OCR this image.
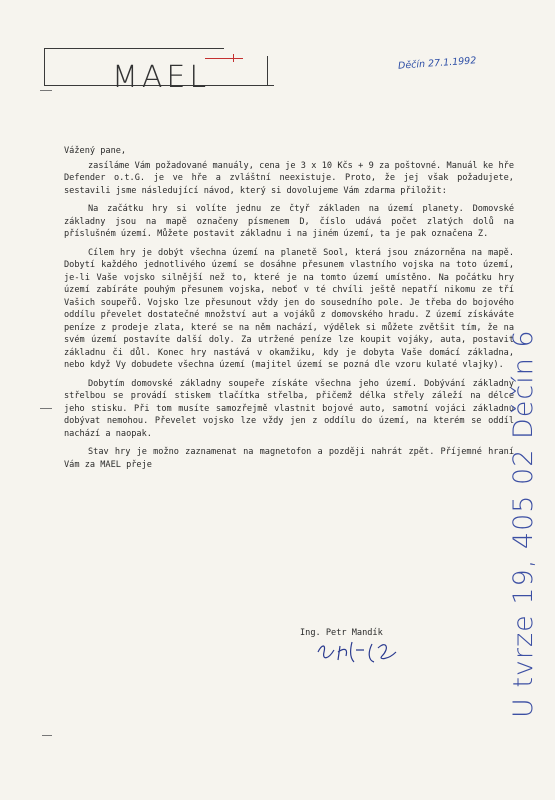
MAEL	Děčín 27.1.1992

Vážený pane,

zasíláme Vám požadované manuály, cena je 3 x 10 Kčs + 9 za poštovné. Manuál ke hře Defender o.t.G. je ve hře a zvláštní neexistuje. Proto, že jej však požadujete, sestavili jsme následující návod, který si dovolujeme Vám zdarma přiložit:

Na začátku hry si volíte jednu ze čtyř základen na území planety. Domovské základny jsou na mapě označeny písmenem D, číslo udává počet zlatých dolů na příslušném území. Můžete postavit základnu i na jiném území, ta je pak označena Z.

Cílem hry je dobýt všechna území na planetě Sool, která jsou znázorněna na mapě. Dobytí každého jednotlivého území se dosáhne přesunem vlastního vojska na toto území, je-li Vaše vojsko silnější než to, které je na tomto území umístěno. Na počátku hry území zabíráte pouhým přesunem vojska, neboť v té chvíli ještě nepatří nikomu ze tří Vašich soupeřů. Vojsko lze přesunout vždy jen do sousedního pole. Je třeba do bojového oddílu převelet dostatečné množství aut a vojáků z domovského hradu. Z území získáváte peníze z prodeje zlata, které se na něm nachází, výdělek si můžete zvětšit tím, že na svém území postavíte další doly. Za utržené peníze lze koupit vojáky, auta, postavit základnu či důl. Konec hry nastává v okamžiku, kdy je dobyta Vaše domácí základna, nebo když Vy dobudete všechna území (majitel území se pozná dle vzoru kulaté vlajky).

Dobytím domovské základny soupeře získáte všechna jeho území. Dobývání základny střelbou se provádí stiskem tlačítka střelba, přičemž délka střely záleží na délce jeho stisku. Při tom musíte samozřejmě vlastnit bojové auto, samotní vojáci základnu dobývat nemohou. Převelet vojsko lze vždy jen z oddílu do území, na kterém se oddíl nachází a naopak.

Stav hry je možno zaznamenat na magnetofon a později nahrát zpět. Příjemné hraní Vám za MAEL přeje

Ing. Petr Mandík	U tvrze 19, 405 02 Děčín 6
